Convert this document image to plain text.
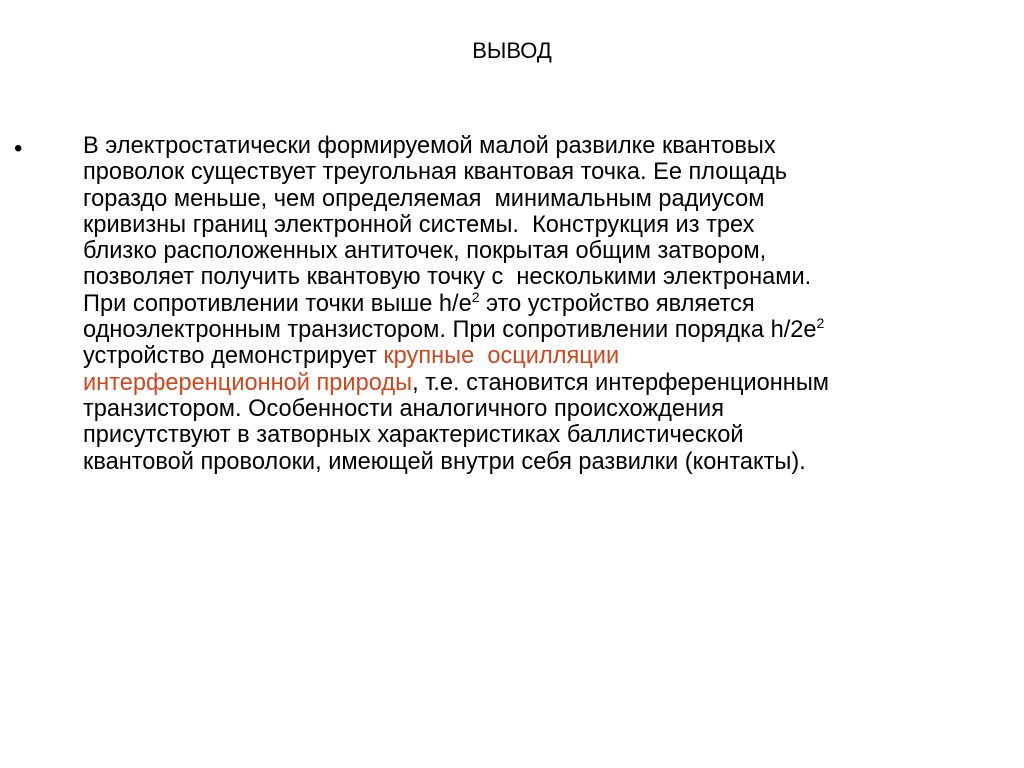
ВЫВОД
•	В электростатически формируемой малой развилке квантовых
проволок существует треугольная квантовая точка. Ее площадь
гораздо меньше, чем определяемая  минимальным радиусом
кривизны границ электронной системы.  Конструкция из трех
близко расположенных антиточек, покрытая общим затвором,
позволяет получить квантовую точку с  несколькими электронами.
При сопротивлении точки выше $h/e^2$ это устройство является
одноэлектронным транзистором. При сопротивлении порядка $h/2e^2$
устройство демонстрирует крупные  осцилляции
интерференционной природы, т.е. становится интерференционным
транзистором. Особенности аналогичного происхождения
присутствуют в затворных характеристиках баллистической
квантовой проволоки, имеющей внутри себя развилки (контакты).
